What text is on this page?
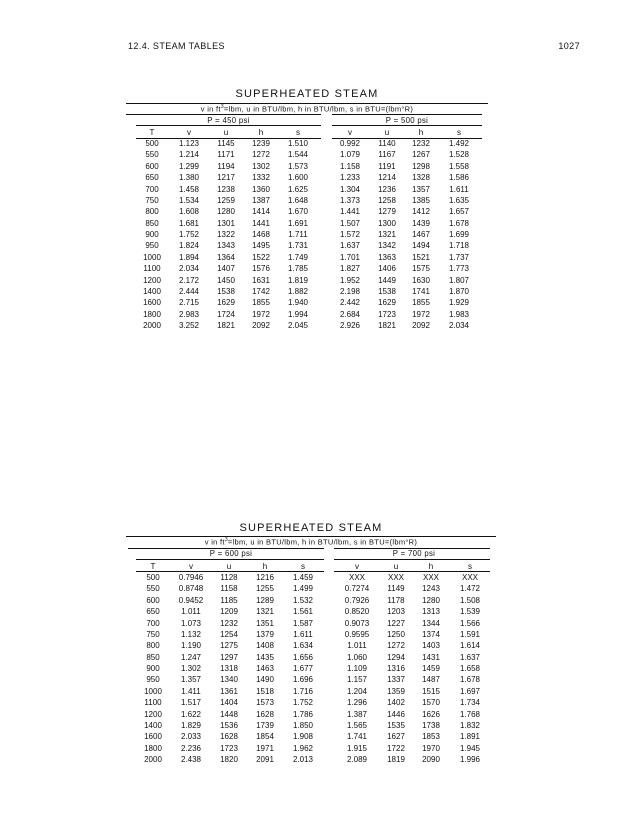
12.4. STEAM TABLES	1027
SUPERHEATED STEAM
v in $ft^3=lbm$, u in BTU/lbm, h in BTU/lbm, s in BTU=(lbm°R)
P = 450 psi	P = 500 psi
T	v	u	h	s	v	u	h	s
500	1.123	1145	1239	1.510	0.992	1140	1232	1.492
550	1.214	1171	1272	1.544	1.079	1167	1267	1.528
600	1.299	1194	1302	1.573	1.158	1191	1298	1.558
650	1.380	1217	1332	1.600	1.233	1214	1328	1.586
700	1.458	1238	1360	1.625	1.304	1236	1357	1.611
750	1.534	1259	1387	1.648	1.373	1258	1385	1.635
800	1.608	1280	1414	1.670	1.441	1279	1412	1.657
850	1.681	1301	1441	1.691	1.507	1300	1439	1.678
900	1.752	1322	1468	1.711	1.572	1321	1467	1.699
950	1.824	1343	1495	1.731	1.637	1342	1494	1.718
1000	1.894	1364	1522	1.749	1.701	1363	1521	1.737
1100	2.034	1407	1576	1.785	1.827	1406	1575	1.773
1200	2.172	1450	1631	1.819	1.952	1449	1630	1.807
1400	2.444	1538	1742	1.882	2.198	1538	1741	1.870
1600	2.715	1629	1855	1.940	2.442	1629	1855	1.929
1800	2.983	1724	1972	1.994	2.684	1723	1972	1.983
2000	3.252	1821	2092	2.045	2.926	1821	2092	2.034
SUPERHEATED STEAM
v in $ft^3=lbm$, u in BTU/lbm, h in BTU/lbm, s in BTU=(lbm°R)
P = 600 psi	P = 700 psi
T	v	u	h	s	v	u	h	s
500	0.7946	1128	1216	1.459	XXX	XXX	XXX	XXX
550	0.8748	1158	1255	1.499	0.7274	1149	1243	1.472
600	0.9452	1185	1289	1.532	0.7926	1178	1280	1.508
650	1.011	1209	1321	1.561	0.8520	1203	1313	1.539
700	1.073	1232	1351	1.587	0.9073	1227	1344	1.566
750	1.132	1254	1379	1.611	0.9595	1250	1374	1.591
800	1.190	1275	1408	1.634	1.011	1272	1403	1.614
850	1.247	1297	1435	1.656	1.060	1294	1431	1.637
900	1.302	1318	1463	1.677	1.109	1316	1459	1.658
950	1.357	1340	1490	1.696	1.157	1337	1487	1.678
1000	1.411	1361	1518	1.716	1.204	1359	1515	1.697
1100	1.517	1404	1573	1.752	1.296	1402	1570	1.734
1200	1.622	1448	1628	1.786	1.387	1446	1626	1.768
1400	1.829	1536	1739	1.850	1.565	1535	1738	1.832
1600	2.033	1628	1854	1.908	1.741	1627	1853	1.891
1800	2.236	1723	1971	1.962	1.915	1722	1970	1.945
2000	2.438	1820	2091	2.013	2.089	1819	2090	1.996
